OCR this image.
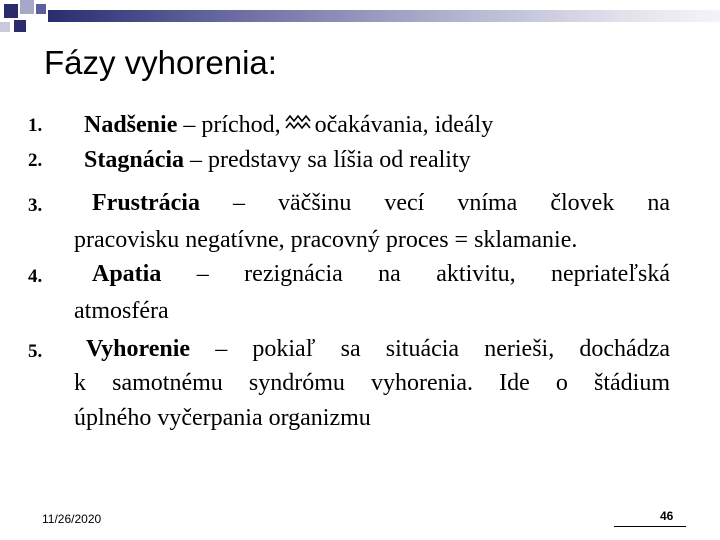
Fázy vyhorenia:
1. Nadšenie – príchod, očakávania, ideály
2. Stagnácia – predstavy sa líšia od reality
3. Frustrácia – väčšinu vecí vníma človek na
pracovisku negatívne, pracovný proces = sklamanie.
4. Apatia – rezignácia na aktivitu, nepriateľská
atmosféra
5. Vyhorenie – pokiaľ sa situácia nerieši, dochádza
k samotnému syndrómu vyhorenia. Ide o štádium
úplného vyčerpania organizmu
11/26/2020	46
